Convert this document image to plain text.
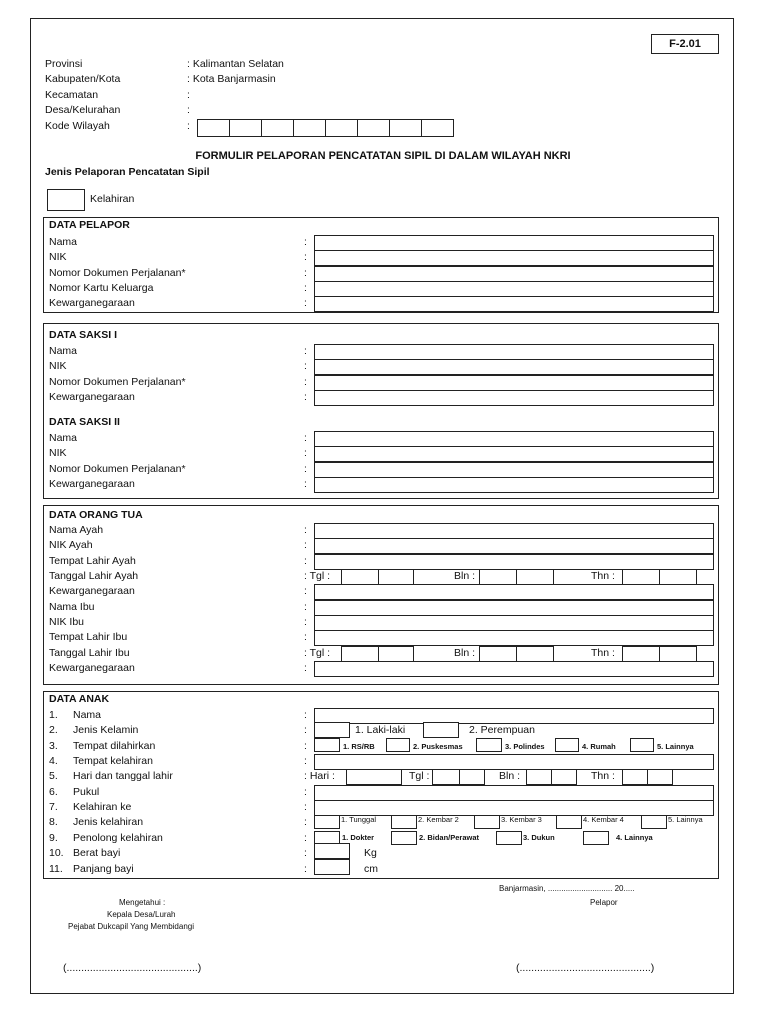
F-2.01
Provinsi	: Kalimantan Selatan
Kabupaten/Kota	: Kota Banjarmasin
Kecamatan	:
Desa/Kelurahan	:
Kode Wilayah	:
FORMULIR PELAPORAN PENCATATAN SIPIL DI DALAM WILAYAH NKRI
Jenis Pelaporan Pencatatan Sipil
Kelahiran
DATA PELAPOR
Nama	:
NIK	:
Nomor Dokumen Perjalanan*	:
Nomor Kartu Keluarga	:
Kewarganegaraan	:
DATA SAKSI I
Nama	:
NIK	:
Nomor Dokumen Perjalanan*	:
Kewarganegaraan	:
DATA SAKSI II
Nama	:
NIK	:
Nomor Dokumen Perjalanan*	:
Kewarganegaraan	:
DATA ORANG TUA
Nama Ayah	:
NIK Ayah	:
Tempat Lahir Ayah	:
Tanggal Lahir Ayah	: Tgl :	Bln :	Thn :
Kewarganegaraan	:
Nama Ibu	:
NIK Ibu	:
Tempat Lahir Ibu	:
Tanggal Lahir Ibu	: Tgl :	Bln :	Thn :
Kewarganegaraan	:
DATA ANAK
1. Nama	:
2. Jenis Kelamin	:	1. Laki-laki	2. Perempuan
3. Tempat dilahirkan	:	1. RS/RB	2. Puskesmas	3. Polindes	4. Rumah	5. Lainnya
4. Tempat kelahiran	:
5. Hari dan tanggal lahir	: Hari :	Tgl :	Bln :	Thn :
6. Pukul	:
7. Kelahiran ke	:
8. Jenis kelahiran	:	1. Tunggal	2. Kembar 2	3. Kembar 3	4. Kembar 4	5. Lainnya
9. Penolong kelahiran	:	1. Dokter	2. Bidan/Perawat	3. Dukun	4. Lainnya
10. Berat bayi	:	Kg
11. Panjang bayi	:	cm
Banjarmasin, ............................. 20.....
Pelapor
Mengetahui :
Kepala Desa/Lurah
Pejabat Dukcapil Yang Membidangi
(.............................................)	(.............................................)
